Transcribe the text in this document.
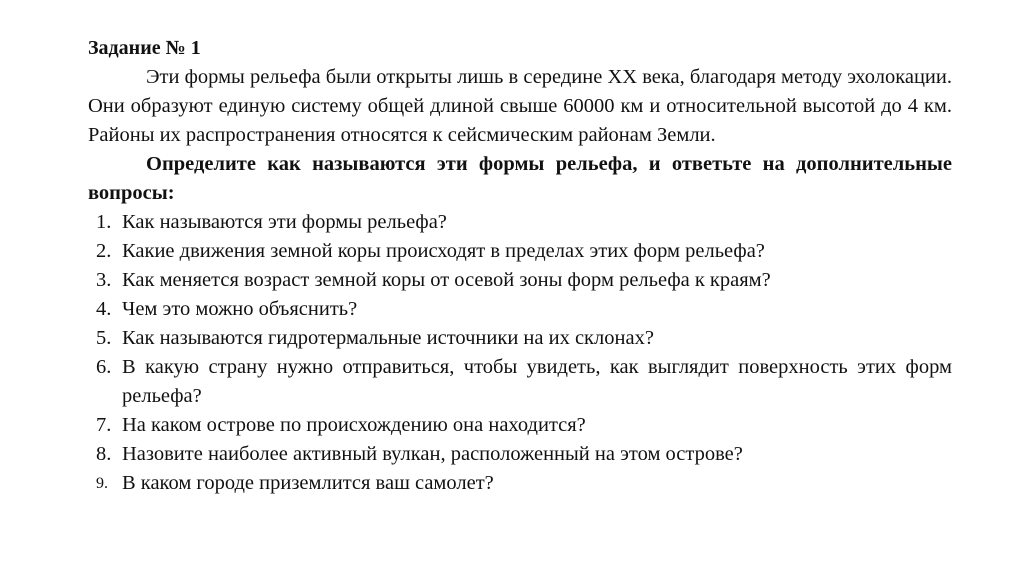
Задание № 1

Эти формы рельефа были открыты лишь в середине XX века, благодаря методу эхолокации. Они образуют единую систему общей длиной свыше 60000 км и относительной высотой до 4 км. Районы их распространения относятся к сейсмическим районам Земли.

Определите как называются эти формы рельефа, и ответьте на дополнительные вопросы:

1. Как называются эти формы рельефа?
2. Какие движения земной коры происходят в пределах этих форм рельефа?
3. Как меняется возраст земной коры от осевой зоны форм рельефа к краям?
4. Чем это можно объяснить?
5. Как называются гидротермальные источники на их склонах?
6. В какую страну нужно отправиться, чтобы увидеть, как выглядит поверхность этих форм рельефа?
7. На каком острове по происхождению она находится?
8. Назовите наиболее активный вулкан, расположенный на этом острове?
9. В каком городе приземлится ваш самолет?
